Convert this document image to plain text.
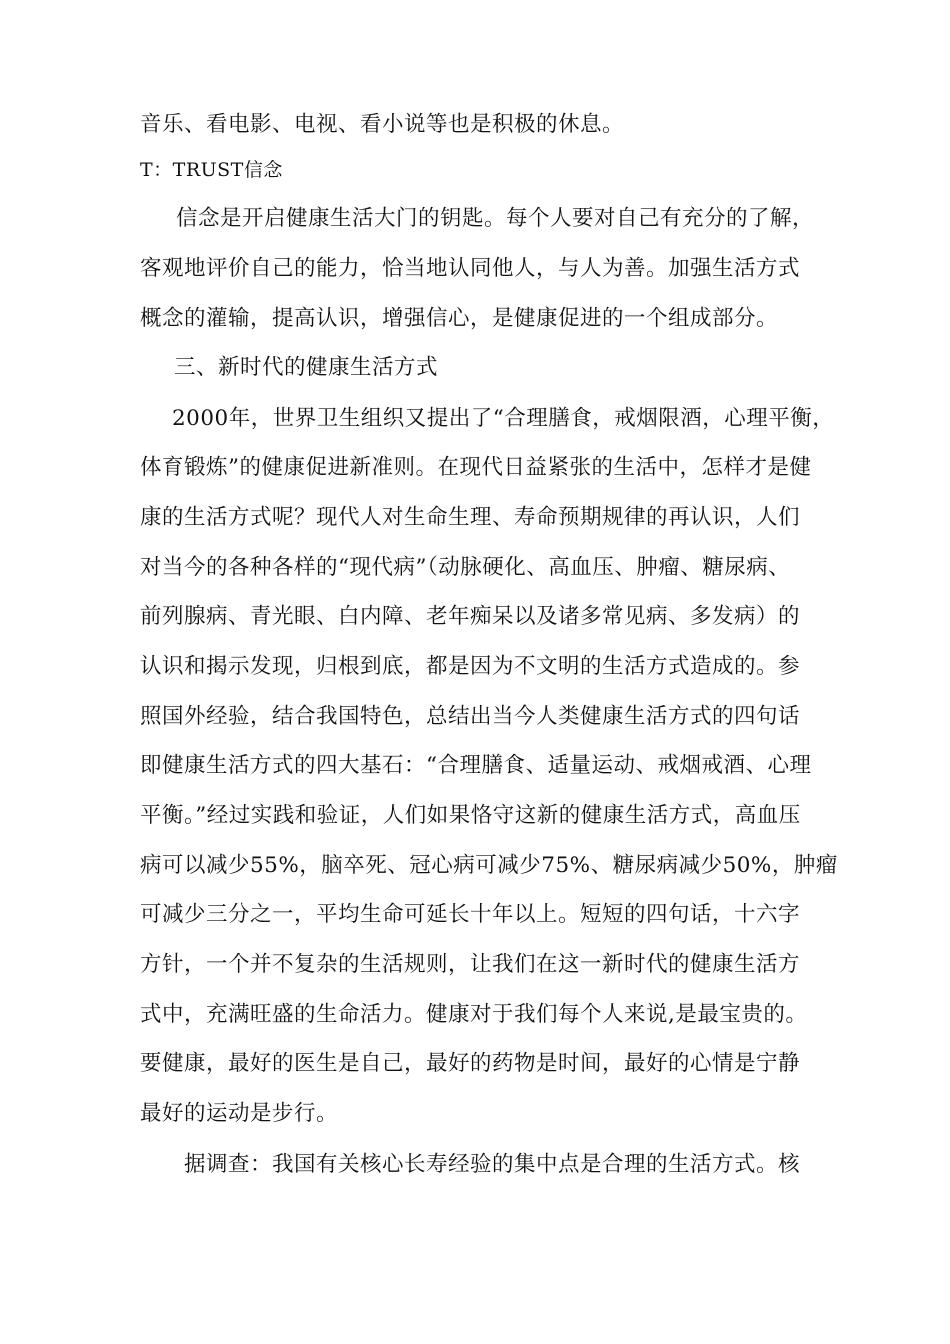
音乐、看电影、电视、看小说等也是积极的休息。
T：TRUST信念
信念是开启健康生活大门的钥匙。每个人要对自己有充分的了解，
客观地评价自己的能力，恰当地认同他人，与人为善。加强生活方式
概念的灌输，提高认识，增强信心，是健康促进的一个组成部分。
三、新时代的健康生活方式
2000年，世界卫生组织又提出了“合理膳食，戒烟限酒，心理平衡，
体育锻炼”的健康促进新准则。在现代日益紧张的生活中，怎样才是健
康的生活方式呢？现代人对生命生理、寿命预期规律的再认识，人们
对当今的各种各样的“现代病”（动脉硬化、高血压、肿瘤、糖尿病、
前列腺病、青光眼、白内障、老年痴呆以及诸多常见病、多发病）的
认识和揭示发现，归根到底，都是因为不文明的生活方式造成的。参
照国外经验，结合我国特色，总结出当今人类健康生活方式的四句话
即健康生活方式的四大基石：“合理膳食、适量运动、戒烟戒酒、心理
平衡。”经过实践和验证，人们如果恪守这新的健康生活方式，高血压
病可以减少55%，脑卒死、冠心病可减少75%、糖尿病减少50%，肿瘤
可减少三分之一，平均生命可延长十年以上。短短的四句话，十六字
方针，一个并不复杂的生活规则，让我们在这一新时代的健康生活方
式中，充满旺盛的生命活力。健康对于我们每个人来说,是最宝贵的。
要健康，最好的医生是自己，最好的药物是时间，最好的心情是宁静
最好的运动是步行。
据调查：我国有关核心长寿经验的集中点是合理的生活方式。核
